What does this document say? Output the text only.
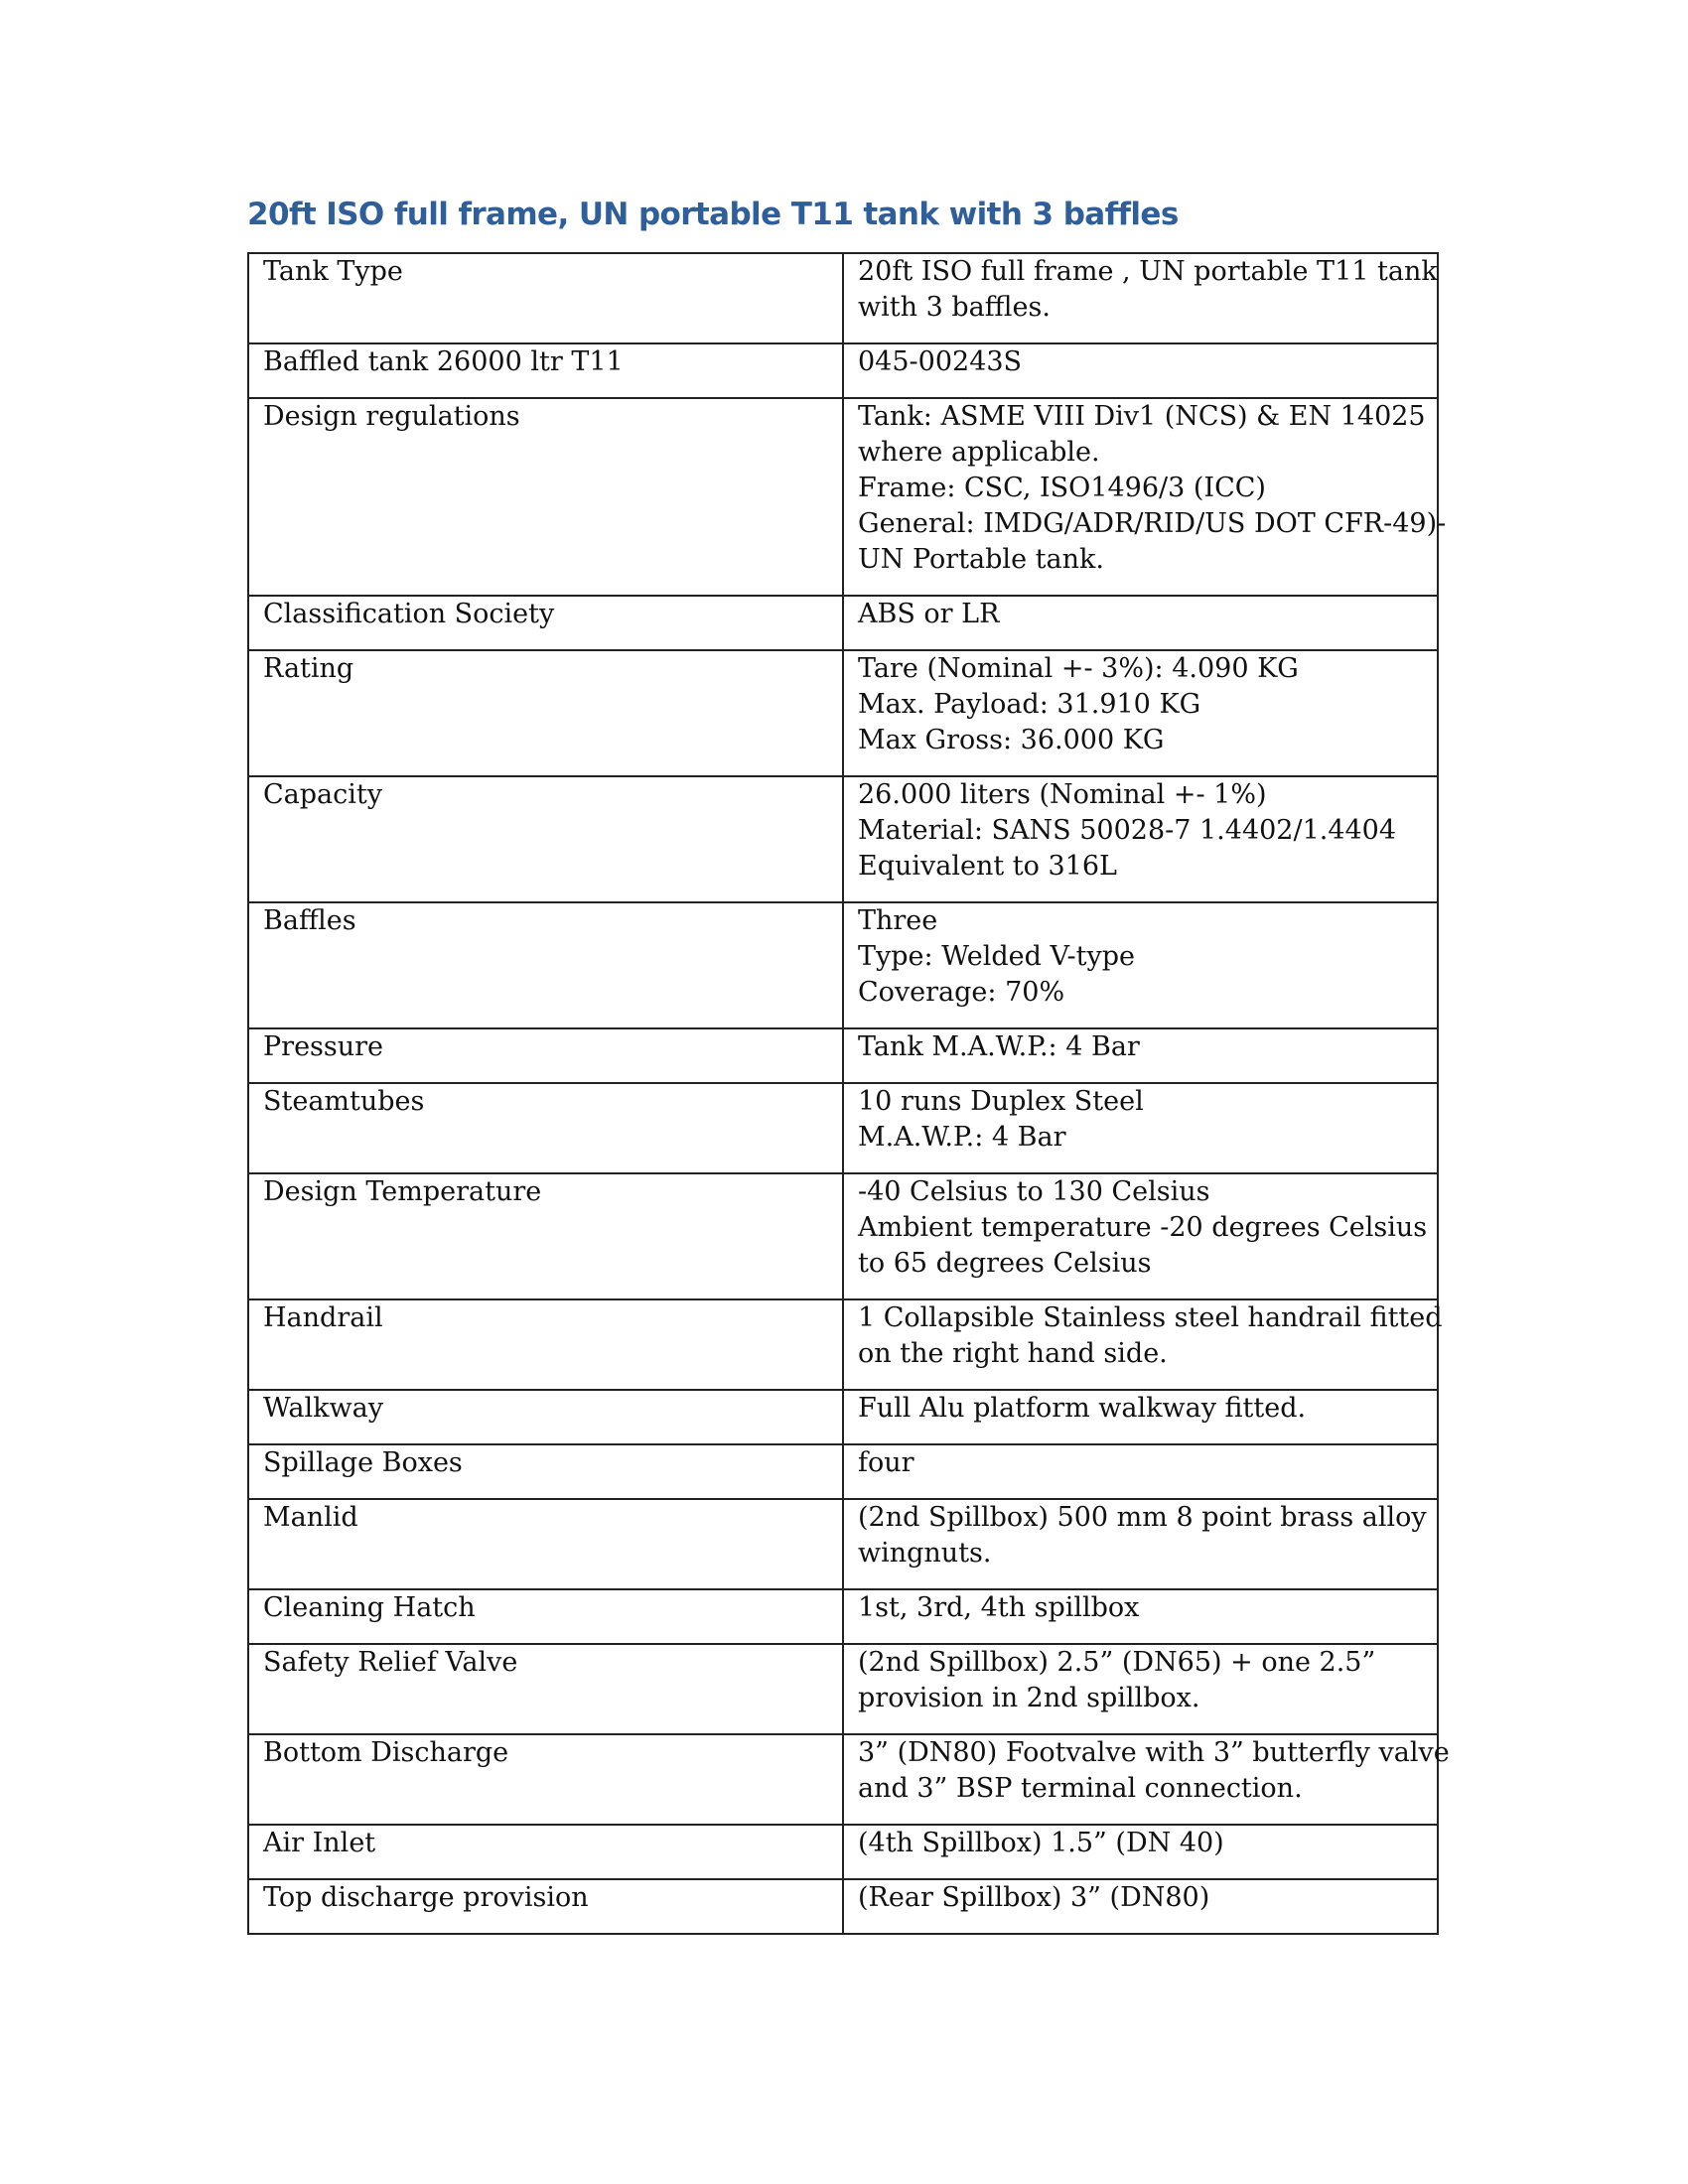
20ft ISO full frame, UN portable T11 tank with 3 baffles
Tank Type	20ft ISO full frame , UN portable T11 tank
with 3 baffles.

Baffled tank 26000 ltr T11	045-00243S

Design regulations	Tank: ASME VIII Div1 (NCS) & EN 14025
where applicable.
Frame: CSC, ISO1496/3 (ICC)
General: IMDG/ADR/RID/US DOT CFR-49)-
UN Portable tank.

Classification Society	ABS or LR

Rating	Tare (Nominal +- 3%): 4.090 KG
Max. Payload: 31.910 KG
Max Gross: 36.000 KG

Capacity	26.000 liters (Nominal +- 1%)
Material: SANS 50028-7 1.4402/1.4404
Equivalent to 316L

Baffles	Three
Type: Welded V-type
Coverage: 70%

Pressure	Tank M.A.W.P.: 4 Bar

Steamtubes	10 runs Duplex Steel
M.A.W.P.: 4 Bar

Design Temperature	-40 Celsius to 130 Celsius
Ambient temperature -20 degrees Celsius
to 65 degrees Celsius

Handrail	1 Collapsible Stainless steel handrail fitted
on the right hand side.

Walkway	Full Alu platform walkway fitted.

Spillage Boxes	four

Manlid	(2nd Spillbox) 500 mm 8 point brass alloy
wingnuts.

Cleaning Hatch	1st, 3rd, 4th spillbox

Safety Relief Valve	(2nd Spillbox) 2.5” (DN65) + one 2.5”
provision in 2nd spillbox.

Bottom Discharge	3” (DN80) Footvalve with 3” butterfly valve
and 3” BSP terminal connection.

Air Inlet	(4th Spillbox) 1.5” (DN 40)

Top discharge provision	(Rear Spillbox) 3” (DN80)
